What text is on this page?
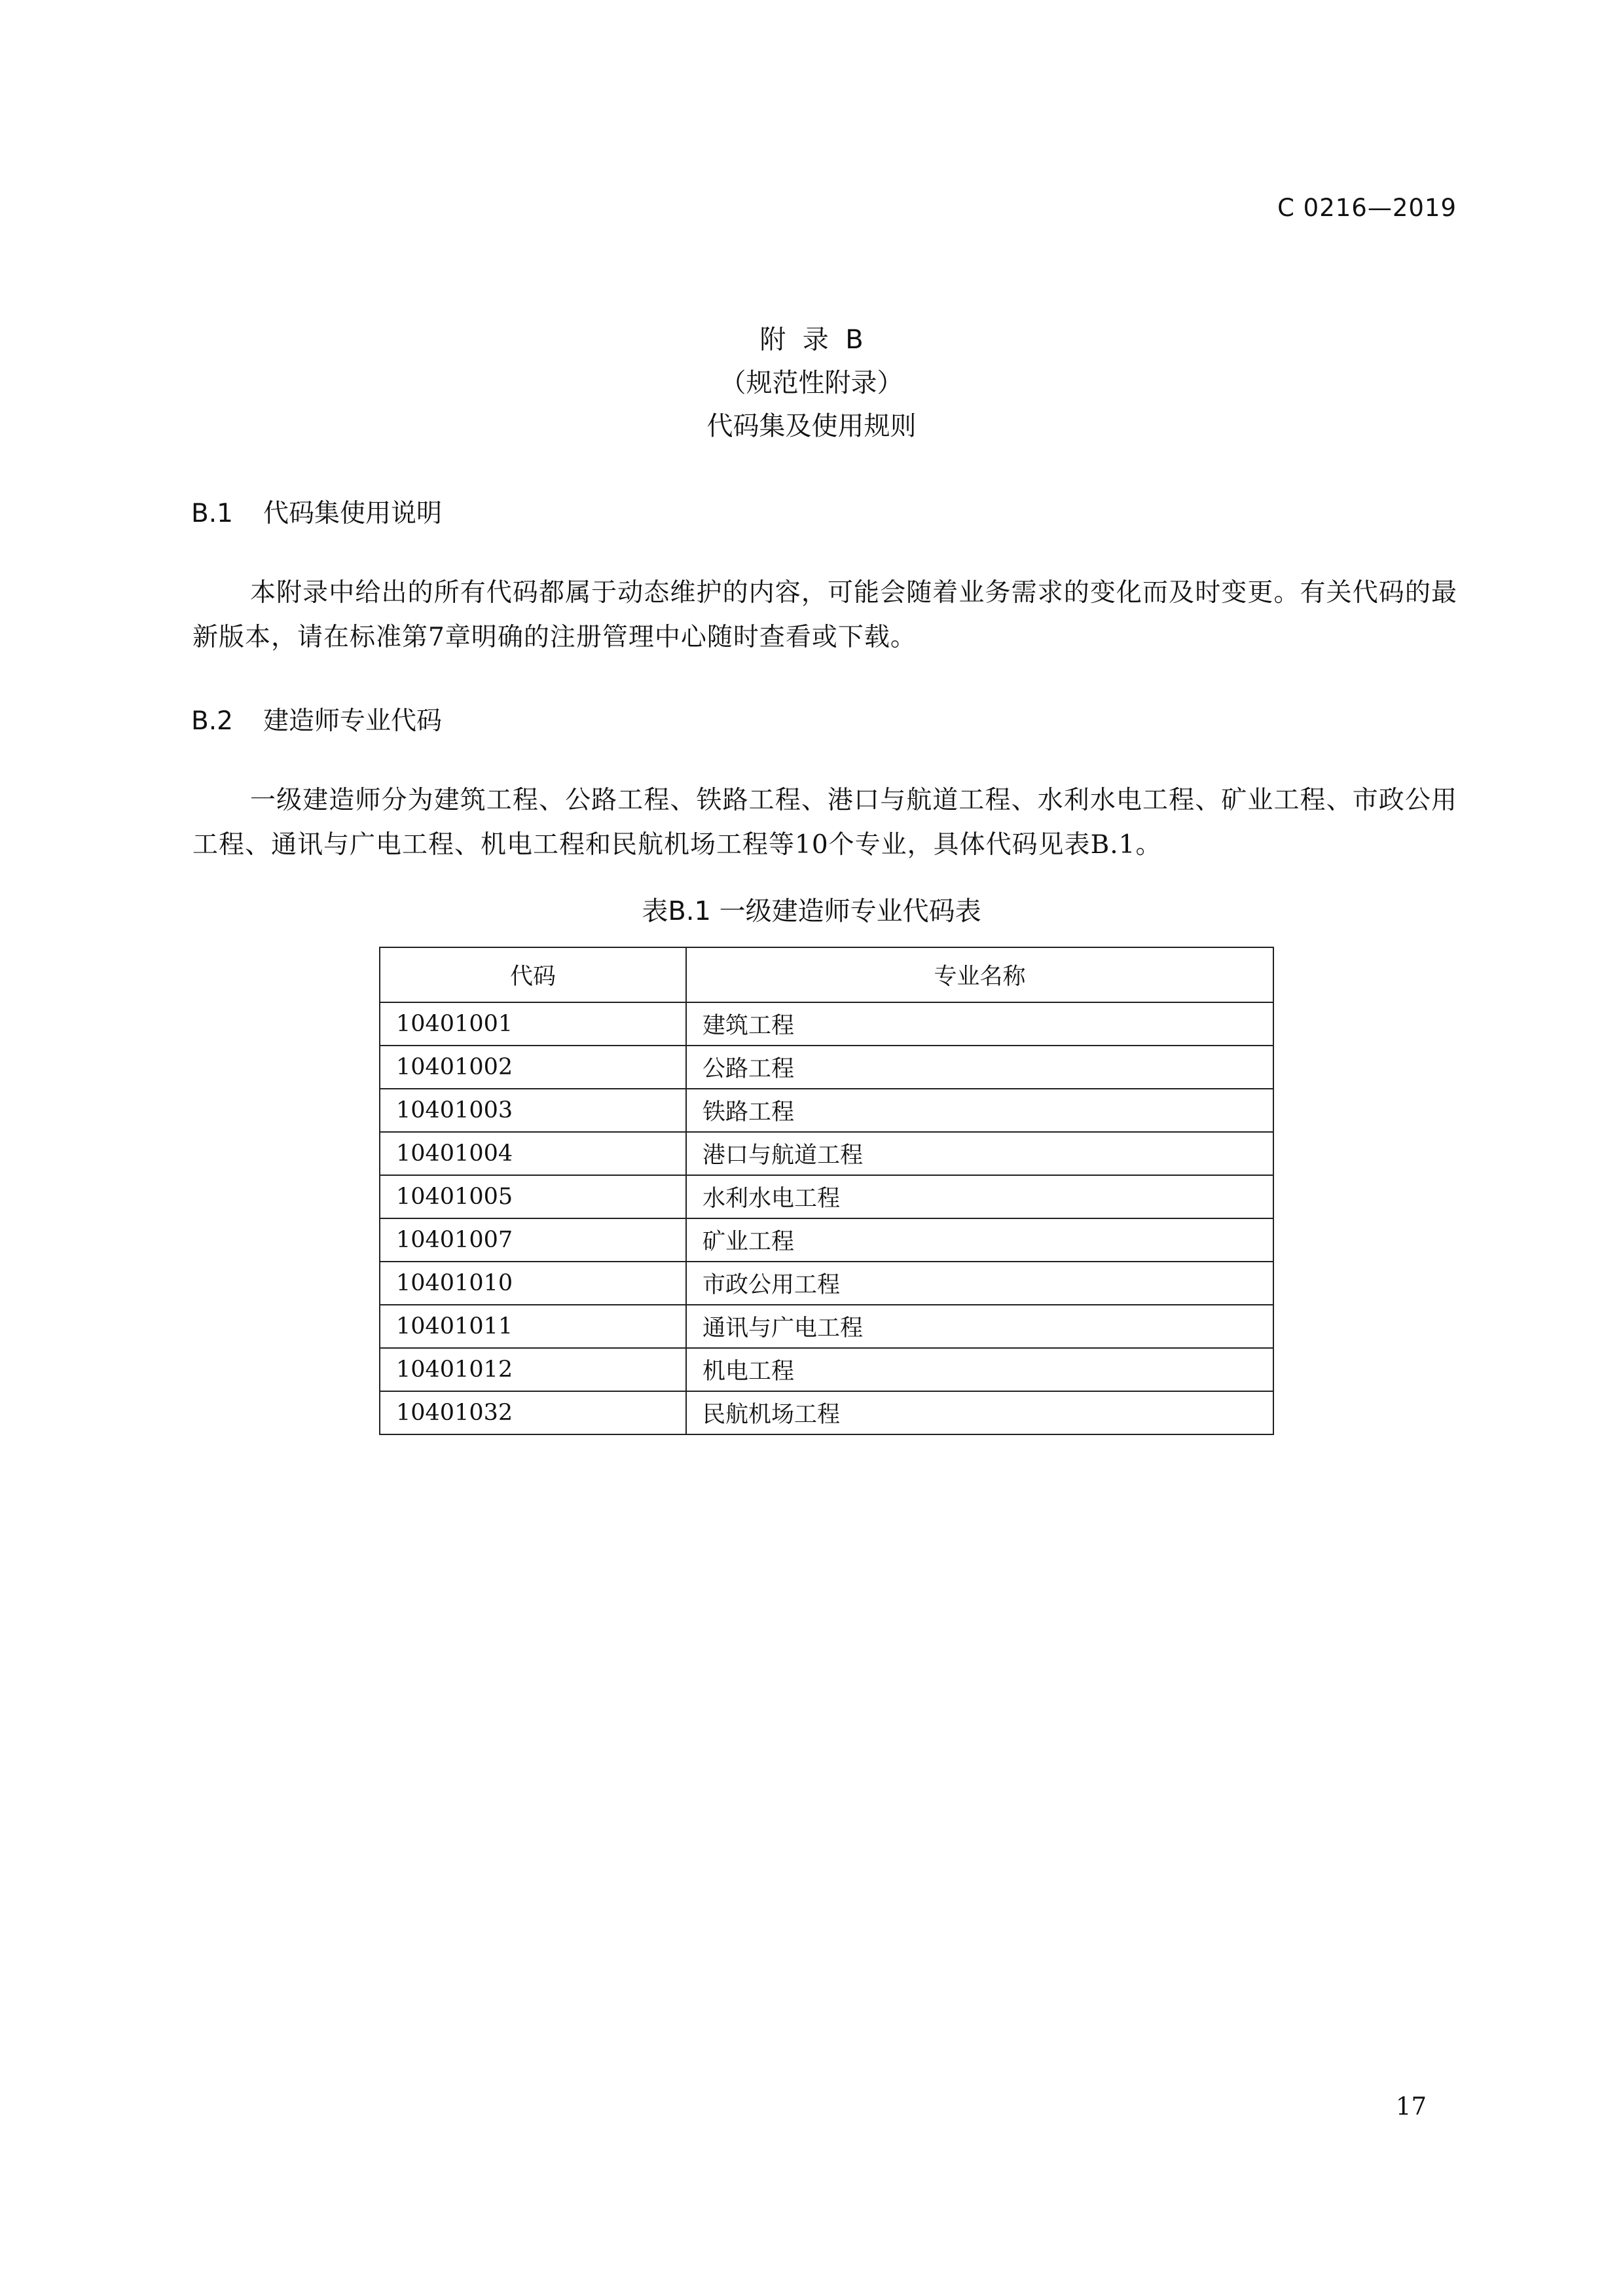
C 0216—2019
附  录  B
（规范性附录）
代码集及使用规则
B.1 代码集使用说明
本附录中给出的所有代码都属于动态维护的内容，可能会随着业务需求的变化而及时变更。有关代码的最新版本，请在标准第7章明确的注册管理中心随时查看或下载。
B.2 建造师专业代码
一级建造师分为建筑工程、公路工程、铁路工程、港口与航道工程、水利水电工程、矿业工程、市政公用工程、通讯与广电工程、机电工程和民航机场工程等10个专业，具体代码见表B.1。
表B.1 一级建造师专业代码表
代码	专业名称
10401001	建筑工程
10401002	公路工程
10401003	铁路工程
10401004	港口与航道工程
10401005	水利水电工程
10401007	矿业工程
10401010	市政公用工程
10401011	通讯与广电工程
10401012	机电工程
10401032	民航机场工程
17
